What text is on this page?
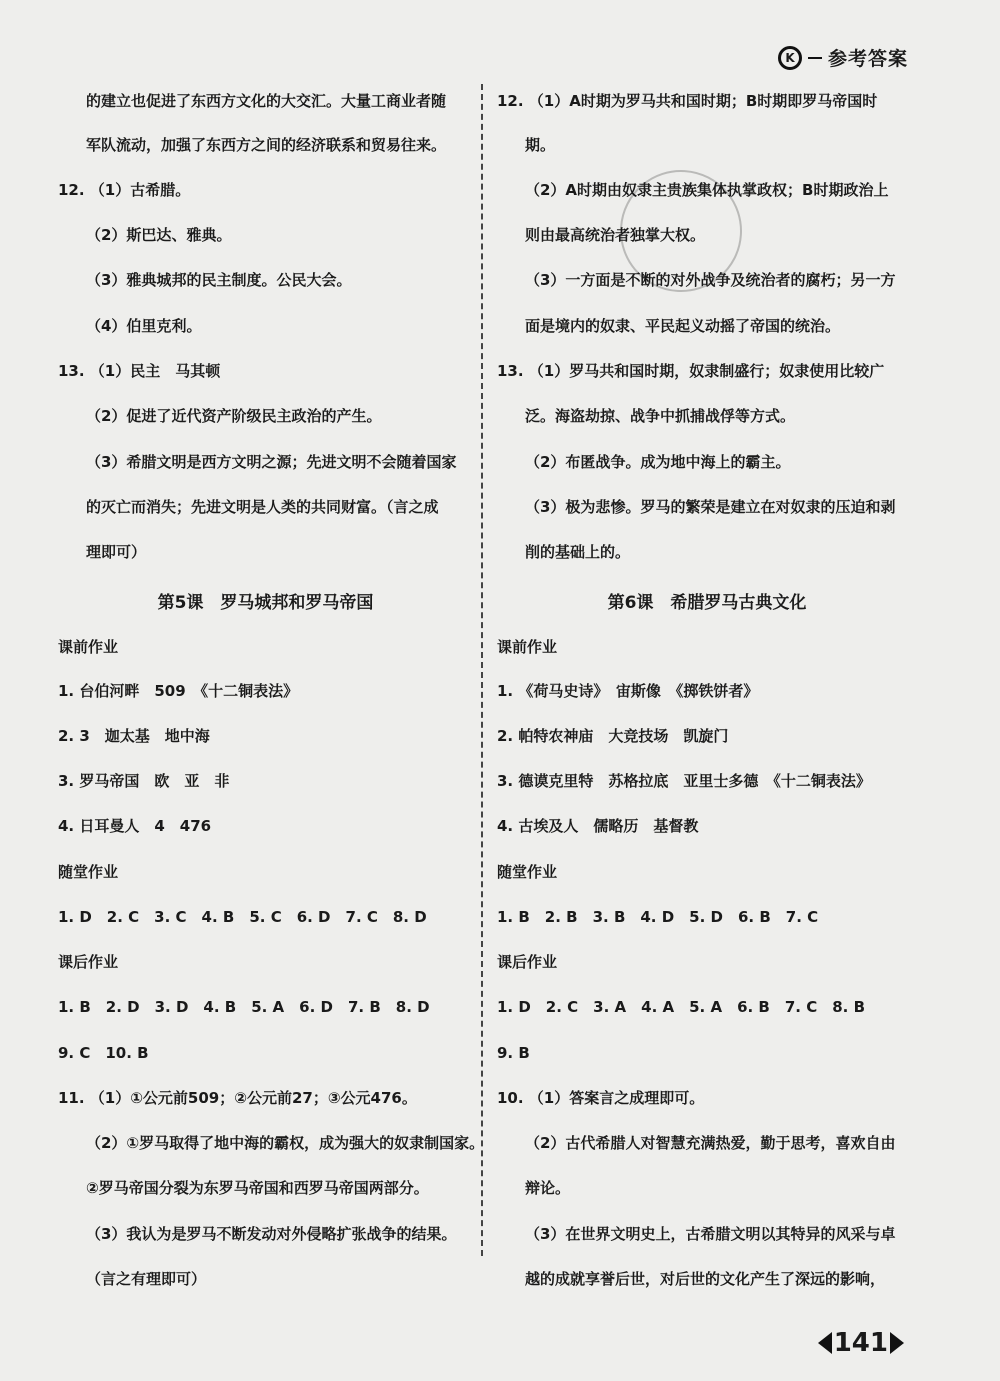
K	参考答案
的建立也促进了东西方文化的大交汇。大量工商业者随
军队流动，加强了东西方之间的经济联系和贸易往来。
12. （1）古希腊。
（2）斯巴达、雅典。
（3）雅典城邦的民主制度。公民大会。
（4）伯里克利。
13. （1）民主　马其顿
（2）促进了近代资产阶级民主政治的产生。
（3）希腊文明是西方文明之源；先进文明不会随着国家
的灭亡而消失；先进文明是人类的共同财富。（言之成
理即可）
第5课　罗马城邦和罗马帝国
课前作业
1. 台伯河畔　509　《十二铜表法》
2. 3　迦太基　地中海
3. 罗马帝国　欧　亚　非
4. 日耳曼人　4　476
随堂作业
1. D　2. C　3. C　4. B　5. C　6. D　7. C　8. D
课后作业
1. B　2. D　3. D　4. B　5. A　6. D　7. B　8. D
9. C　10. B
11. （1）①公元前509；②公元前27；③公元476。
（2）①罗马取得了地中海的霸权，成为强大的奴隶制国家。
②罗马帝国分裂为东罗马帝国和西罗马帝国两部分。
（3）我认为是罗马不断发动对外侵略扩张战争的结果。
（言之有理即可）
12. （1）A时期为罗马共和国时期；B时期即罗马帝国时
期。
（2）A时期由奴隶主贵族集体执掌政权；B时期政治上
则由最高统治者独掌大权。
（3）一方面是不断的对外战争及统治者的腐朽；另一方
面是境内的奴隶、平民起义动摇了帝国的统治。
13. （1）罗马共和国时期，奴隶制盛行；奴隶使用比较广
泛。海盗劫掠、战争中抓捕战俘等方式。
（2）布匿战争。成为地中海上的霸主。
（3）极为悲惨。罗马的繁荣是建立在对奴隶的压迫和剥
削的基础上的。
第6课　希腊罗马古典文化
课前作业
1. 《荷马史诗》　宙斯像　《掷铁饼者》
2. 帕特农神庙　大竞技场　凯旋门
3. 德谟克里特　苏格拉底　亚里士多德　《十二铜表法》
4. 古埃及人　儒略历　基督教
随堂作业
1. B　2. B　3. B　4. D　5. D　6. B　7. C
课后作业
1. D　2. C　3. A　4. A　5. A　6. B　7. C　8. B
9. B
10. （1）答案言之成理即可。
（2）古代希腊人对智慧充满热爱，勤于思考，喜欢自由
辩论。
（3）在世界文明史上，古希腊文明以其特异的风采与卓
越的成就享誉后世，对后世的文化产生了深远的影响，
141
